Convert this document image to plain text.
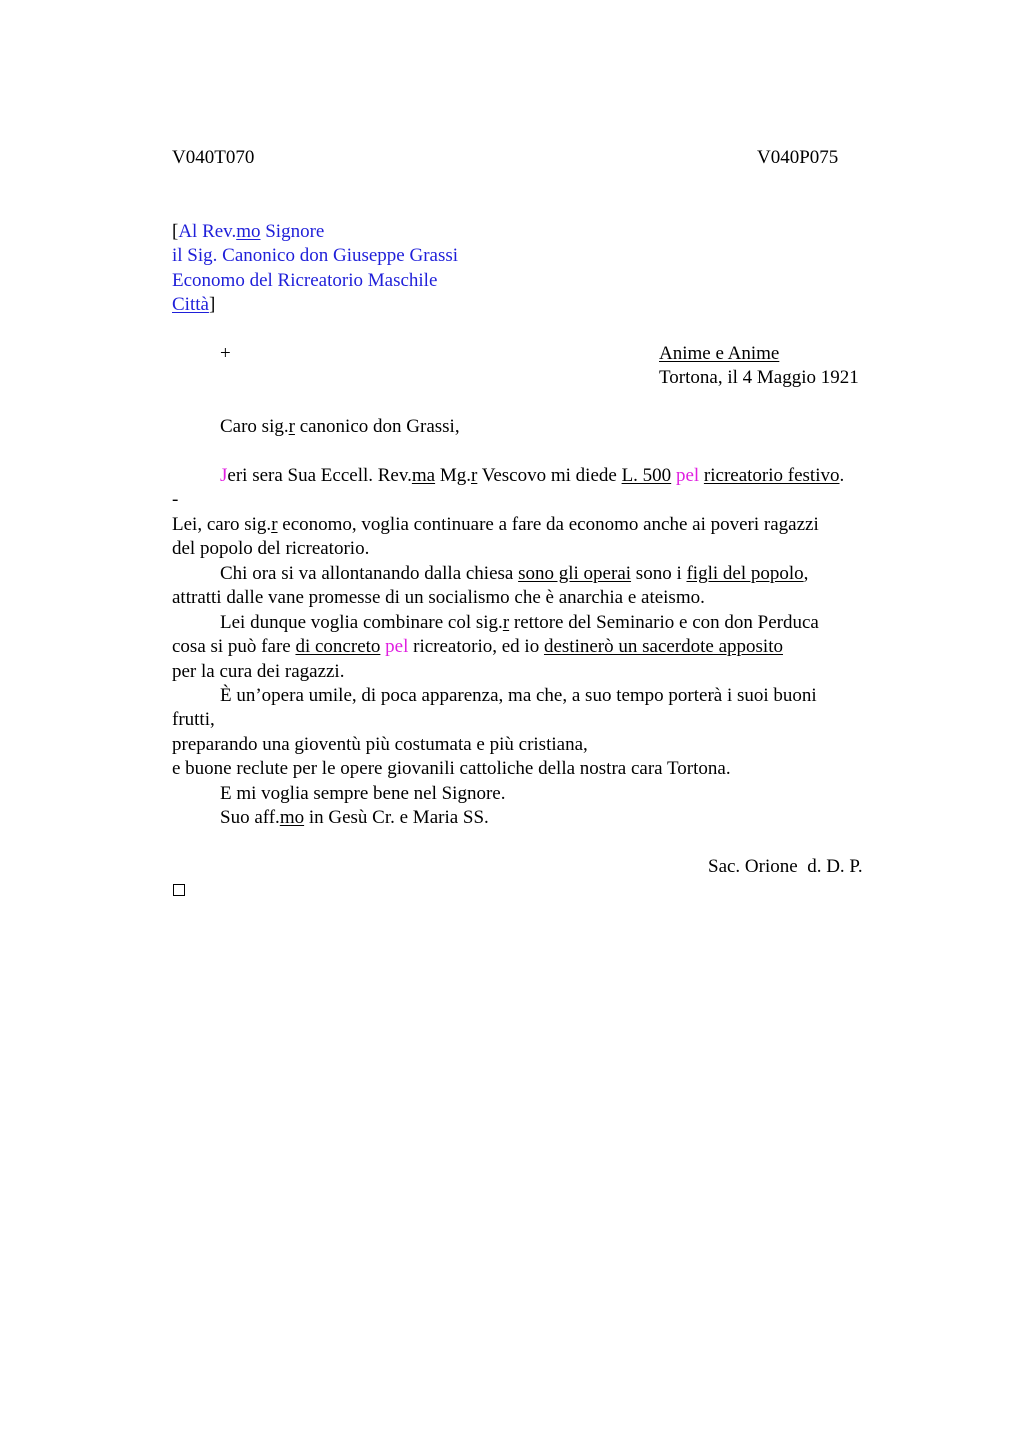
V040T070	V040P075
[Al Rev.mo Signore
il Sig. Canonico don Giuseppe Grassi
Economo del Ricreatorio Maschile
Città]
+	Anime e Anime
Tortona, il 4 Maggio 1921
Caro sig.r canonico don Grassi,
Jeri sera Sua Eccell. Rev.ma Mg.r Vescovo mi diede L. 500 pel ricreatorio festivo.
-
Lei, caro sig.r economo, voglia continuare a fare da economo anche ai poveri ragazzi
del popolo del ricreatorio.
Chi ora si va allontanando dalla chiesa sono gli operai sono i figli del popolo,
attratti dalle vane promesse di un socialismo che è anarchia e ateismo.
Lei dunque voglia combinare col sig.r rettore del Seminario e con don Perduca
cosa si può fare di concreto pel ricreatorio, ed io destinerò un sacerdote apposito
per la cura dei ragazzi.
È un’opera umile, di poca apparenza, ma che, a suo tempo porterà i suoi buoni
frutti,
preparando una gioventù più costumata e più cristiana,
e buone reclute per le opere giovanili cattoliche della nostra cara Tortona.
E mi voglia sempre bene nel Signore.
Suo aff.mo in Gesù Cr. e Maria SS.
Sac. Orione  d. D. P.
